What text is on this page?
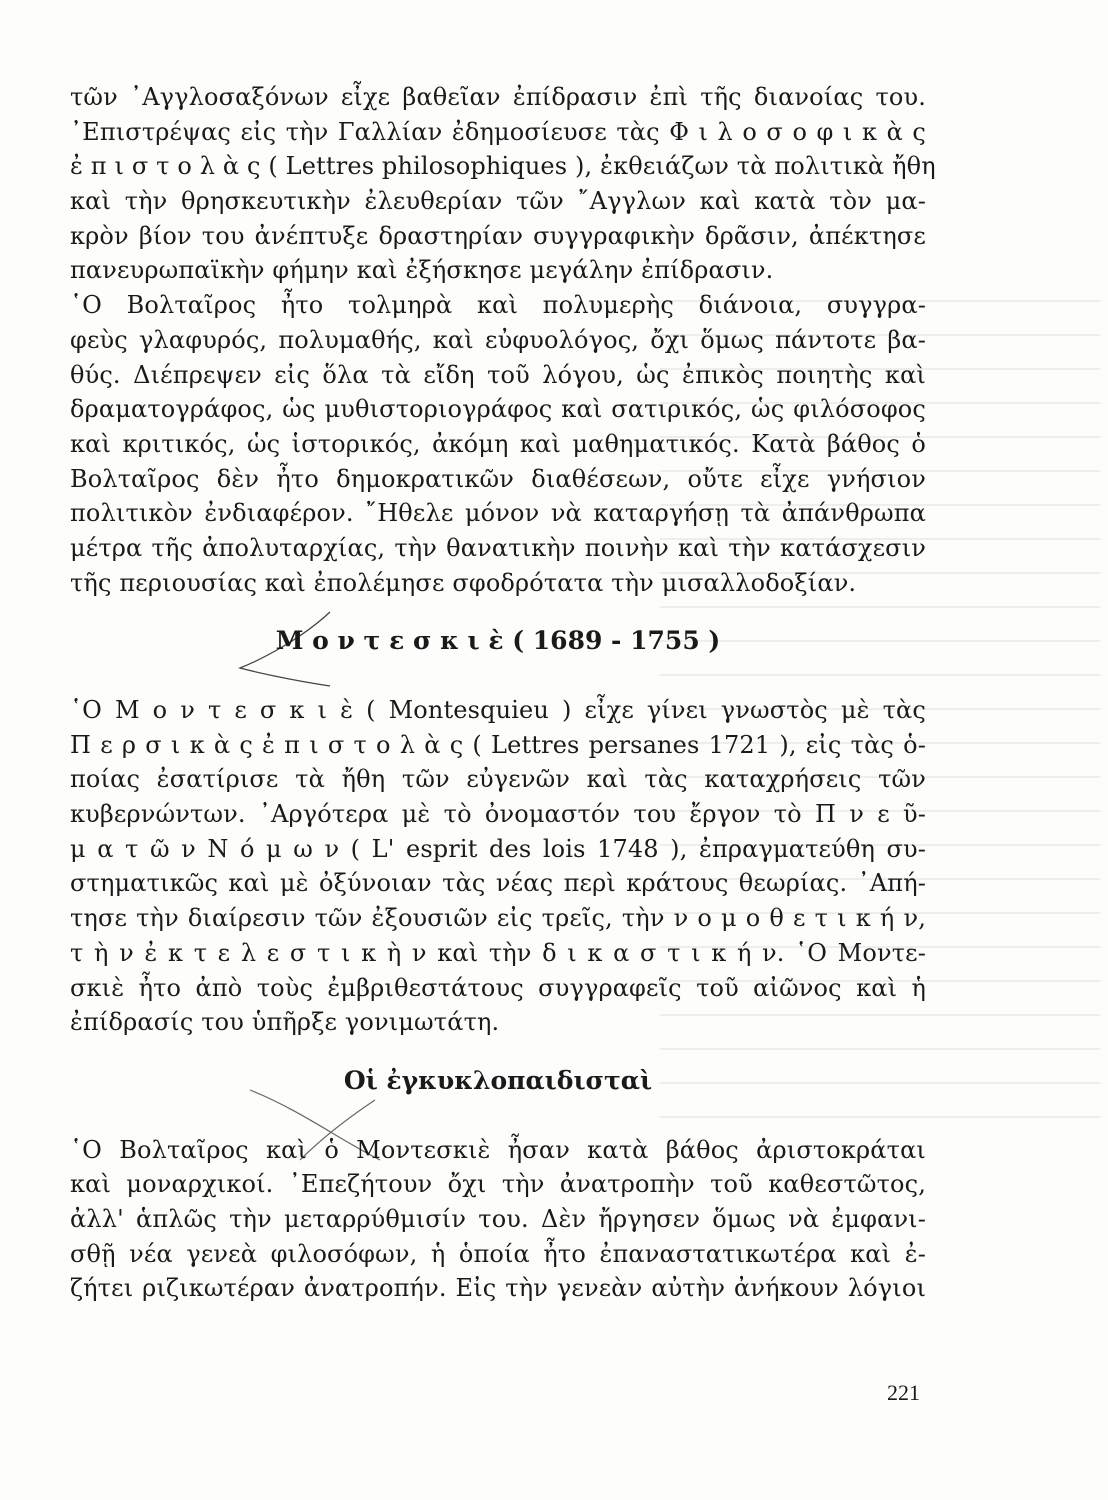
τῶν ᾿Αγγλοσαξόνων εἶχε βαθεῖαν ἐπίδρασιν ἐπὶ τῆς διανοίας του.
᾿Επιστρέψας εἰς τὴν Γαλλίαν ἐδημοσίευσε τὰς Φ ι λ ο σ ο φ ι κ ὰ ς
ἐ π ι σ τ ο λ ὰ ς ( Lettres philosophiques ), ἐκθειάζων τὰ πολιτικὰ ἤθη
καὶ τὴν θρησκευτικὴν ἐλευθερίαν τῶν ῎Αγγλων καὶ κατὰ τὸν μα-
κρὸν βίον του ἀνέπτυξε δραστηρίαν συγγραφικὴν δρᾶσιν, ἀπέκτησε
πανευρωπαϊκὴν φήμην καὶ ἐξήσκησε μεγάλην ἐπίδρασιν.
῾Ο Βολταῖρος ἦτο τολμηρὰ καὶ πολυμερὴς διάνοια, συγγρα-
φεὺς γλαφυρός, πολυμαθής, καὶ εὐφυολόγος, ὄχι ὅμως πάντοτε βα-
θύς. Διέπρεψεν εἰς ὅλα τὰ εἴδη τοῦ λόγου, ὡς ἐπικὸς ποιητὴς καὶ
δραματογράφος, ὡς μυθιστοριογράφος καὶ σατιρικός, ὡς φιλόσοφος
καὶ κριτικός, ὡς ἱστορικός, ἀκόμη καὶ μαθηματικός. Κατὰ βάθος ὁ
Βολταῖρος δὲν ἦτο δημοκρατικῶν διαθέσεων, οὔτε εἶχε γνήσιον
πολιτικὸν ἐνδιαφέρον. ῎Ηθελε μόνον νὰ καταργήσῃ τὰ ἀπάνθρωπα
μέτρα τῆς ἀπολυταρχίας, τὴν θανατικὴν ποινὴν καὶ τὴν κατάσχεσιν
τῆς περιουσίας καὶ ἐπολέμησε σφοδρότατα τὴν μισαλλοδοξίαν.
Μ ο ν τ ε σ κ ι ὲ ( 1689 - 1755 )
῾Ο Μ ο ν τ ε σ κ ι ὲ ( Montesquieu ) εἶχε γίνει γνωστὸς μὲ τὰς
Π ε ρ σ ι κ ὰ ς ἐ π ι σ τ ο λ ὰ ς ( Lettres persanes 1721 ), εἰς τὰς ὁ-
ποίας ἐσατίρισε τὰ ἤθη τῶν εὐγενῶν καὶ τὰς καταχρήσεις τῶν
κυβερνώντων. ᾿Αργότερα μὲ τὸ ὀνομαστόν του ἔργον τὸ Π ν ε ῦ-
μ α τ ῶ ν Ν ό μ ω ν ( L' esprit des lois 1748 ), ἐπραγματεύθη συ-
στηματικῶς καὶ μὲ ὀξύνοιαν τὰς νέας περὶ κράτους θεωρίας. ᾿Απή-
τησε τὴν διαίρεσιν τῶν ἐξουσιῶν εἰς τρεῖς, τὴν ν ο μ ο θ ε τ ι κ ή ν,
τ ὴ ν ἐ κ τ ε λ ε σ τ ι κ ὴ ν καὶ τὴν δ ι κ α σ τ ι κ ή ν. ῾Ο Μοντε-
σκιὲ ἦτο ἀπὸ τοὺς ἐμβριθεστάτους συγγραφεῖς τοῦ αἰῶνος καὶ ἡ
ἐπίδρασίς του ὑπῆρξε γονιμωτάτη.
Οἱ ἐγκυκλοπαιδισταὶ
῾Ο Βολταῖρος καὶ ὁ Μοντεσκιὲ ἦσαν κατὰ βάθος ἀριστοκράται
καὶ μοναρχικοί. ᾿Επεζήτουν ὄχι τὴν ἀνατροπὴν τοῦ καθεστῶτος,
ἀλλ' ἁπλῶς τὴν μεταρρύθμισίν του. Δὲν ἤργησεν ὅμως νὰ ἐμφανι-
σθῇ νέα γενεὰ φιλοσόφων, ἡ ὁποία ἦτο ἐπαναστατικωτέρα καὶ ἐ-
ζήτει ριζικωτέραν ἀνατροπήν. Εἰς τὴν γενεὰν αὐτὴν ἀνήκουν λόγιοι
221
